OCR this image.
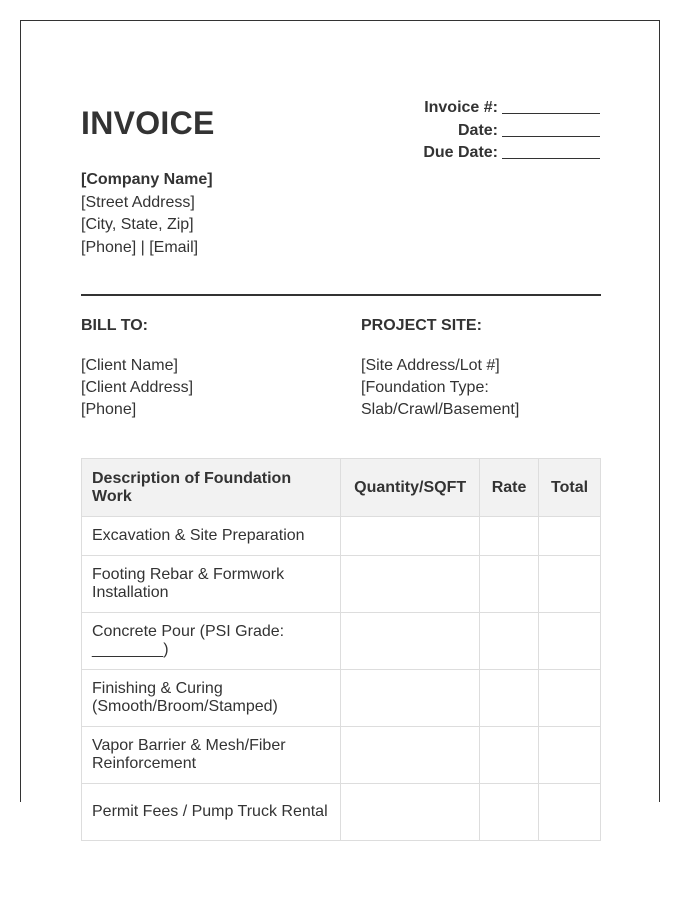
INVOICE	Invoice #:
Date:
Due Date:
[Company Name]
[Street Address]
[City, State, Zip]
[Phone] | [Email]
BILL TO:
[Client Name]
[Client Address]
[Phone]
PROJECT SITE:
[Site Address/Lot #]
[Foundation Type: Slab/Crawl/Basement]
Description of Foundation Work	Quantity/SQFT	Rate	Total
Excavation & Site Preparation			
Footing Rebar & Formwork Installation			
Concrete Pour (PSI Grade: ________)			
Finishing & Curing (Smooth/Broom/Stamped)			
Vapor Barrier & Mesh/Fiber Reinforcement			
Permit Fees / Pump Truck Rental			
